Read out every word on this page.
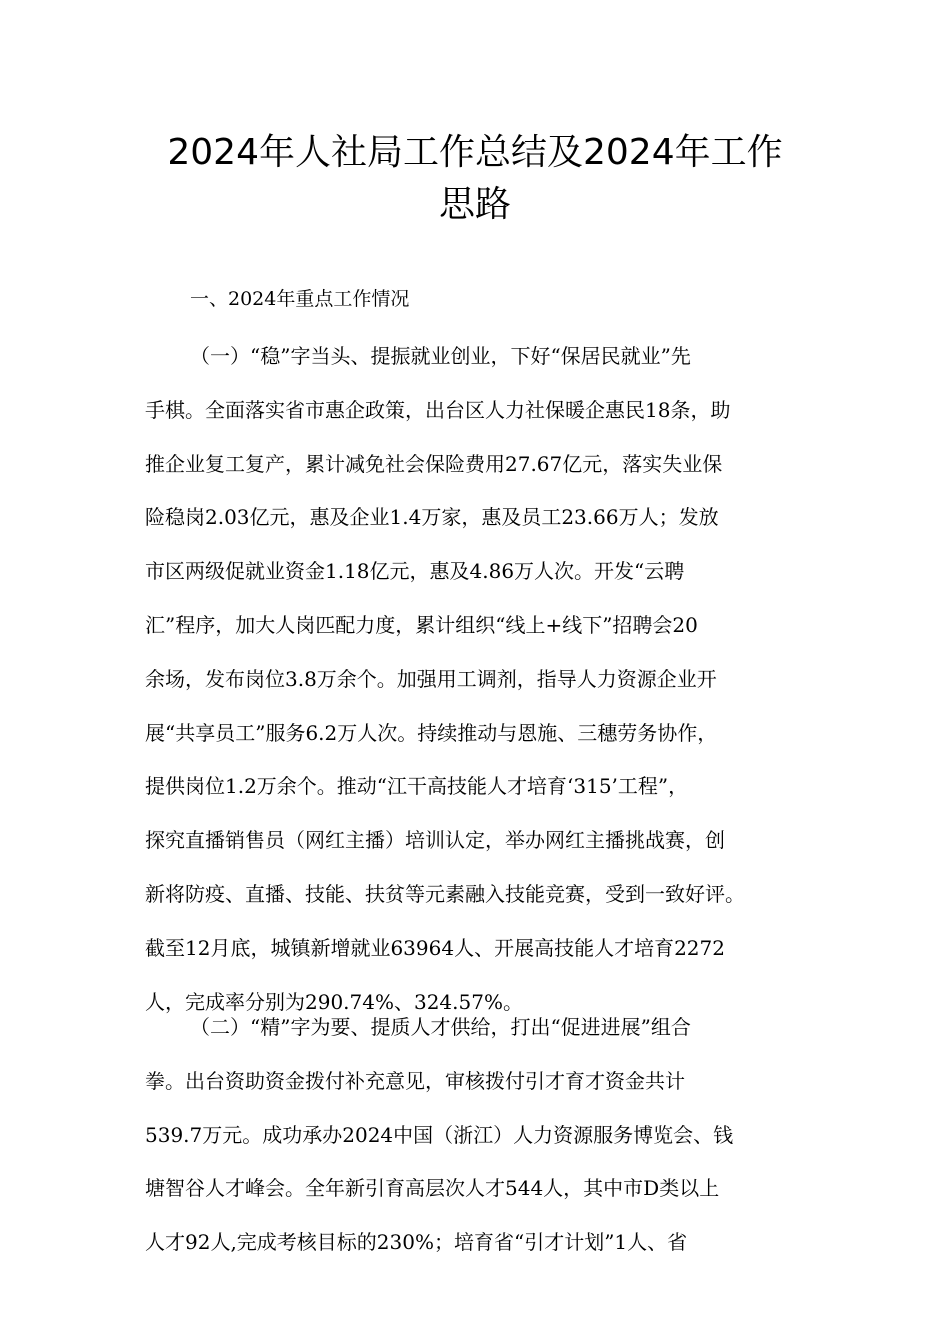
2024年人社局工作总结及2024年工作
思路

一、2024年重点工作情况

（一）“稳”字当头、提振就业创业，下好“保居民就业”先
手棋。全面落实省市惠企政策，出台区人力社保暖企惠民18条，助
推企业复工复产，累计减免社会保险费用27.67亿元，落实失业保
险稳岗2.03亿元，惠及企业1.4万家，惠及员工23.66万人；发放
市区两级促就业资金1.18亿元，惠及4.86万人次。开发“云聘
汇”程序，加大人岗匹配力度，累计组织“线上+线下”招聘会20
余场，发布岗位3.8万余个。加强用工调剂，指导人力资源企业开
展“共享员工”服务6.2万人次。持续推动与恩施、三穗劳务协作，
提供岗位1.2万余个。推动“江干高技能人才培育‘315’工程”，
探究直播销售员（网红主播）培训认定，举办网红主播挑战赛，创
新将防疫、直播、技能、扶贫等元素融入技能竞赛，受到一致好评。
截至12月底，城镇新增就业63964人、开展高技能人才培育2272
人，完成率分别为290.74%、324.57%。

（二）“精”字为要、提质人才供给，打出“促进进展”组合
拳。出台资助资金拨付补充意见，审核拨付引才育才资金共计
539.7万元。成功承办2024中国（浙江）人力资源服务博览会、钱
塘智谷人才峰会。全年新引育高层次人才544人，其中市D类以上
人才92人,完成考核目标的230%；培育省“引才计划”1人、省
